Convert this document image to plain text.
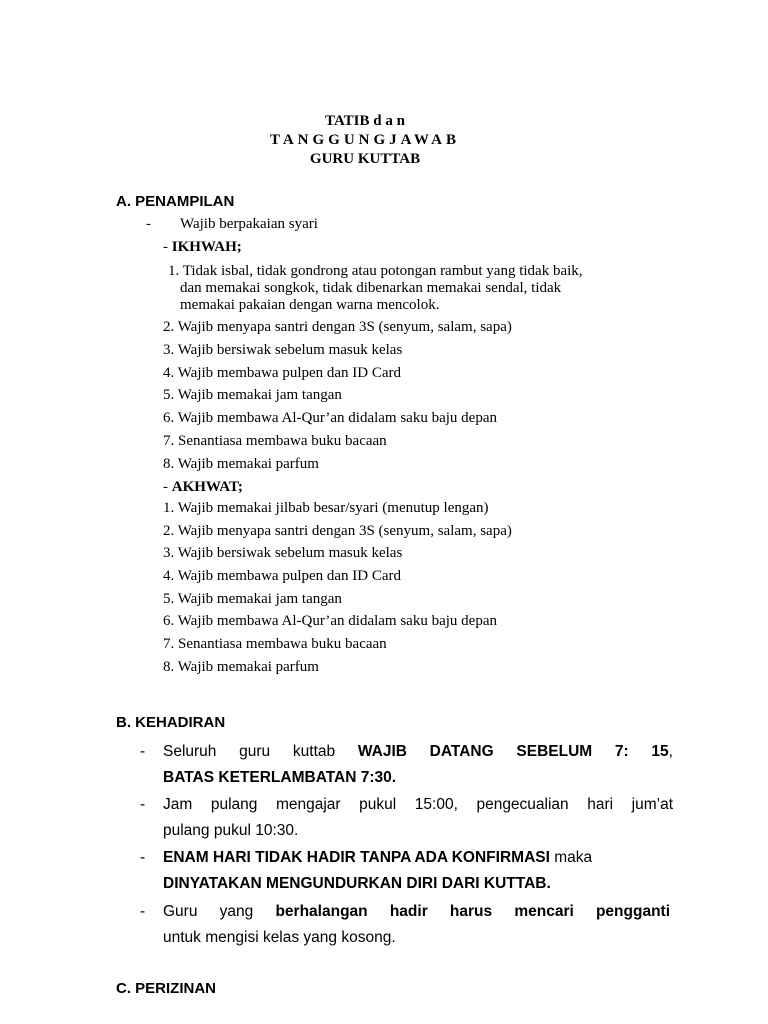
TATIB d a n
TANGGUNGJAWAB
GURU KUTTAB
A. PENAMPILAN
- Wajib berpakaian syari
- IKHWAH;
1. Tidak isbal, tidak gondrong atau potongan rambut yang tidak baik,
dan memakai songkok, tidak dibenarkan memakai sendal, tidak
memakai pakaian dengan warna mencolok.
2. Wajib menyapa santri dengan 3S (senyum, salam, sapa)
3. Wajib bersiwak sebelum masuk kelas
4. Wajib membawa pulpen dan ID Card
5. Wajib memakai jam tangan
6. Wajib membawa Al-Qur’an didalam saku baju depan
7. Senantiasa membawa buku bacaan
8. Wajib memakai parfum
- AKHWAT;
1. Wajib memakai jilbab besar/syari (menutup lengan)
2. Wajib menyapa santri dengan 3S (senyum, salam, sapa)
3. Wajib bersiwak sebelum masuk kelas
4. Wajib membawa pulpen dan ID Card
5. Wajib memakai jam tangan
6. Wajib membawa Al-Qur’an didalam saku baju depan
7. Senantiasa membawa buku bacaan
8. Wajib memakai parfum
B. KEHADIRAN
- Seluruh guru kuttab WAJIB DATANG SEBELUM 7: 15,
BATAS KETERLAMBATAN 7:30.
- Jam pulang mengajar pukul 15:00, pengecualian hari jum’at
pulang pukul 10:30.
- ENAM HARI TIDAK HADIR TANPA ADA KONFIRMASI maka
DINYATAKAN MENGUNDURKAN DIRI DARI KUTTAB.
- Guru yang berhalangan hadir harus mencari pengganti
untuk mengisi kelas yang kosong.
C. PERIZINAN
